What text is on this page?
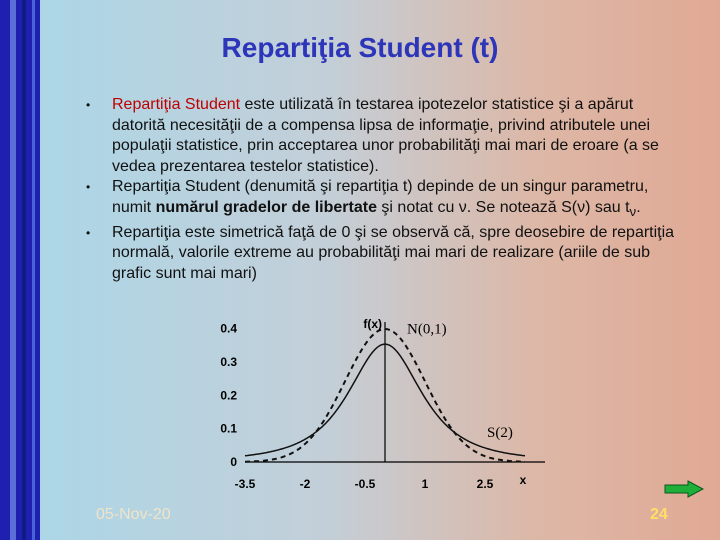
Repartiţia Student (t)
• Repartiţia Student este utilizată în testarea ipotezelor statistice şi a apărut datorită necesităţii de a compensa lipsa de informaţie, privind atributele unei populaţii statistice, prin acceptarea unor probabilităţi mai mari de eroare (a se vedea prezentarea testelor statistice).
• Repartiţia Student (denumită şi repartiţia t) depinde de un singur parametru, numit numărul gradelor de libertate şi notat cu ν. Se notează S(ν) sau $t_\nu$.
• Repartiţia este simetrică faţă de 0 şi se observă că, spre deosebire de repartiţia normală, valorile extreme au probabilităţi mai mari de realizare (ariile de sub grafic sunt mai mari)
0
0.1
0.2
0.3
0.4
-3.5	-2	-0.5	1	2.5
f(x)
x
N(0,1)
S(2)
05-Nov-20	24
